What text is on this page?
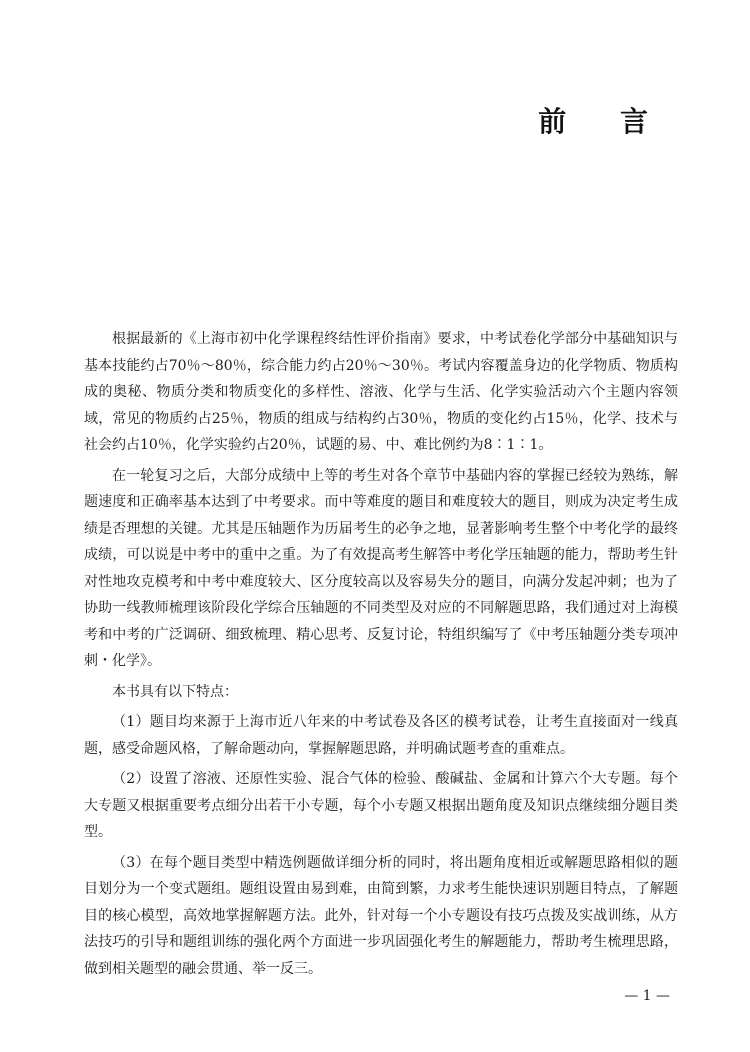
前 言

根据最新的《上海市初中化学课程终结性评价指南》要求，中考试卷化学部分中基础知识与基本技能约占70％～80％，综合能力约占20％～30％。考试内容覆盖身边的化学物质、物质构成的奥秘、物质分类和物质变化的多样性、溶液、化学与生活、化学实验活动六个主题内容领域，常见的物质约占25％，物质的组成与结构约占30％，物质的变化约占15％，化学、技术与社会约占10％，化学实验约占20％，试题的易、中、难比例约为8∶1∶1。

在一轮复习之后，大部分成绩中上等的考生对各个章节中基础内容的掌握已经较为熟练，解题速度和正确率基本达到了中考要求。而中等难度的题目和难度较大的题目，则成为决定考生成绩是否理想的关键。尤其是压轴题作为历届考生的必争之地，显著影响考生整个中考化学的最终成绩，可以说是中考中的重中之重。为了有效提高考生解答中考化学压轴题的能力，帮助考生针对性地攻克模考和中考中难度较大、区分度较高以及容易失分的题目，向满分发起冲刺；也为了协助一线教师梳理该阶段化学综合压轴题的不同类型及对应的不同解题思路，我们通过对上海模考和中考的广泛调研、细致梳理、精心思考、反复讨论，特组织编写了《中考压轴题分类专项冲刺・化学》。

本书具有以下特点：

（1）题目均来源于上海市近八年来的中考试卷及各区的模考试卷，让考生直接面对一线真题，感受命题风格，了解命题动向，掌握解题思路，并明确试题考查的重难点。

（2）设置了溶液、还原性实验、混合气体的检验、酸碱盐、金属和计算六个大专题。每个大专题又根据重要考点细分出若干小专题，每个小专题又根据出题角度及知识点继续细分题目类型。

（3）在每个题目类型中精选例题做详细分析的同时，将出题角度相近或解题思路相似的题目划分为一个变式题组。题组设置由易到难，由简到繁，力求考生能快速识别题目特点，了解题目的核心模型，高效地掌握解题方法。此外，针对每一个小专题设有技巧点拨及实战训练，从方法技巧的引导和题组训练的强化两个方面进一步巩固强化考生的解题能力，帮助考生梳理思路，做到相关题型的融会贯通、举一反三。

— 1 —
